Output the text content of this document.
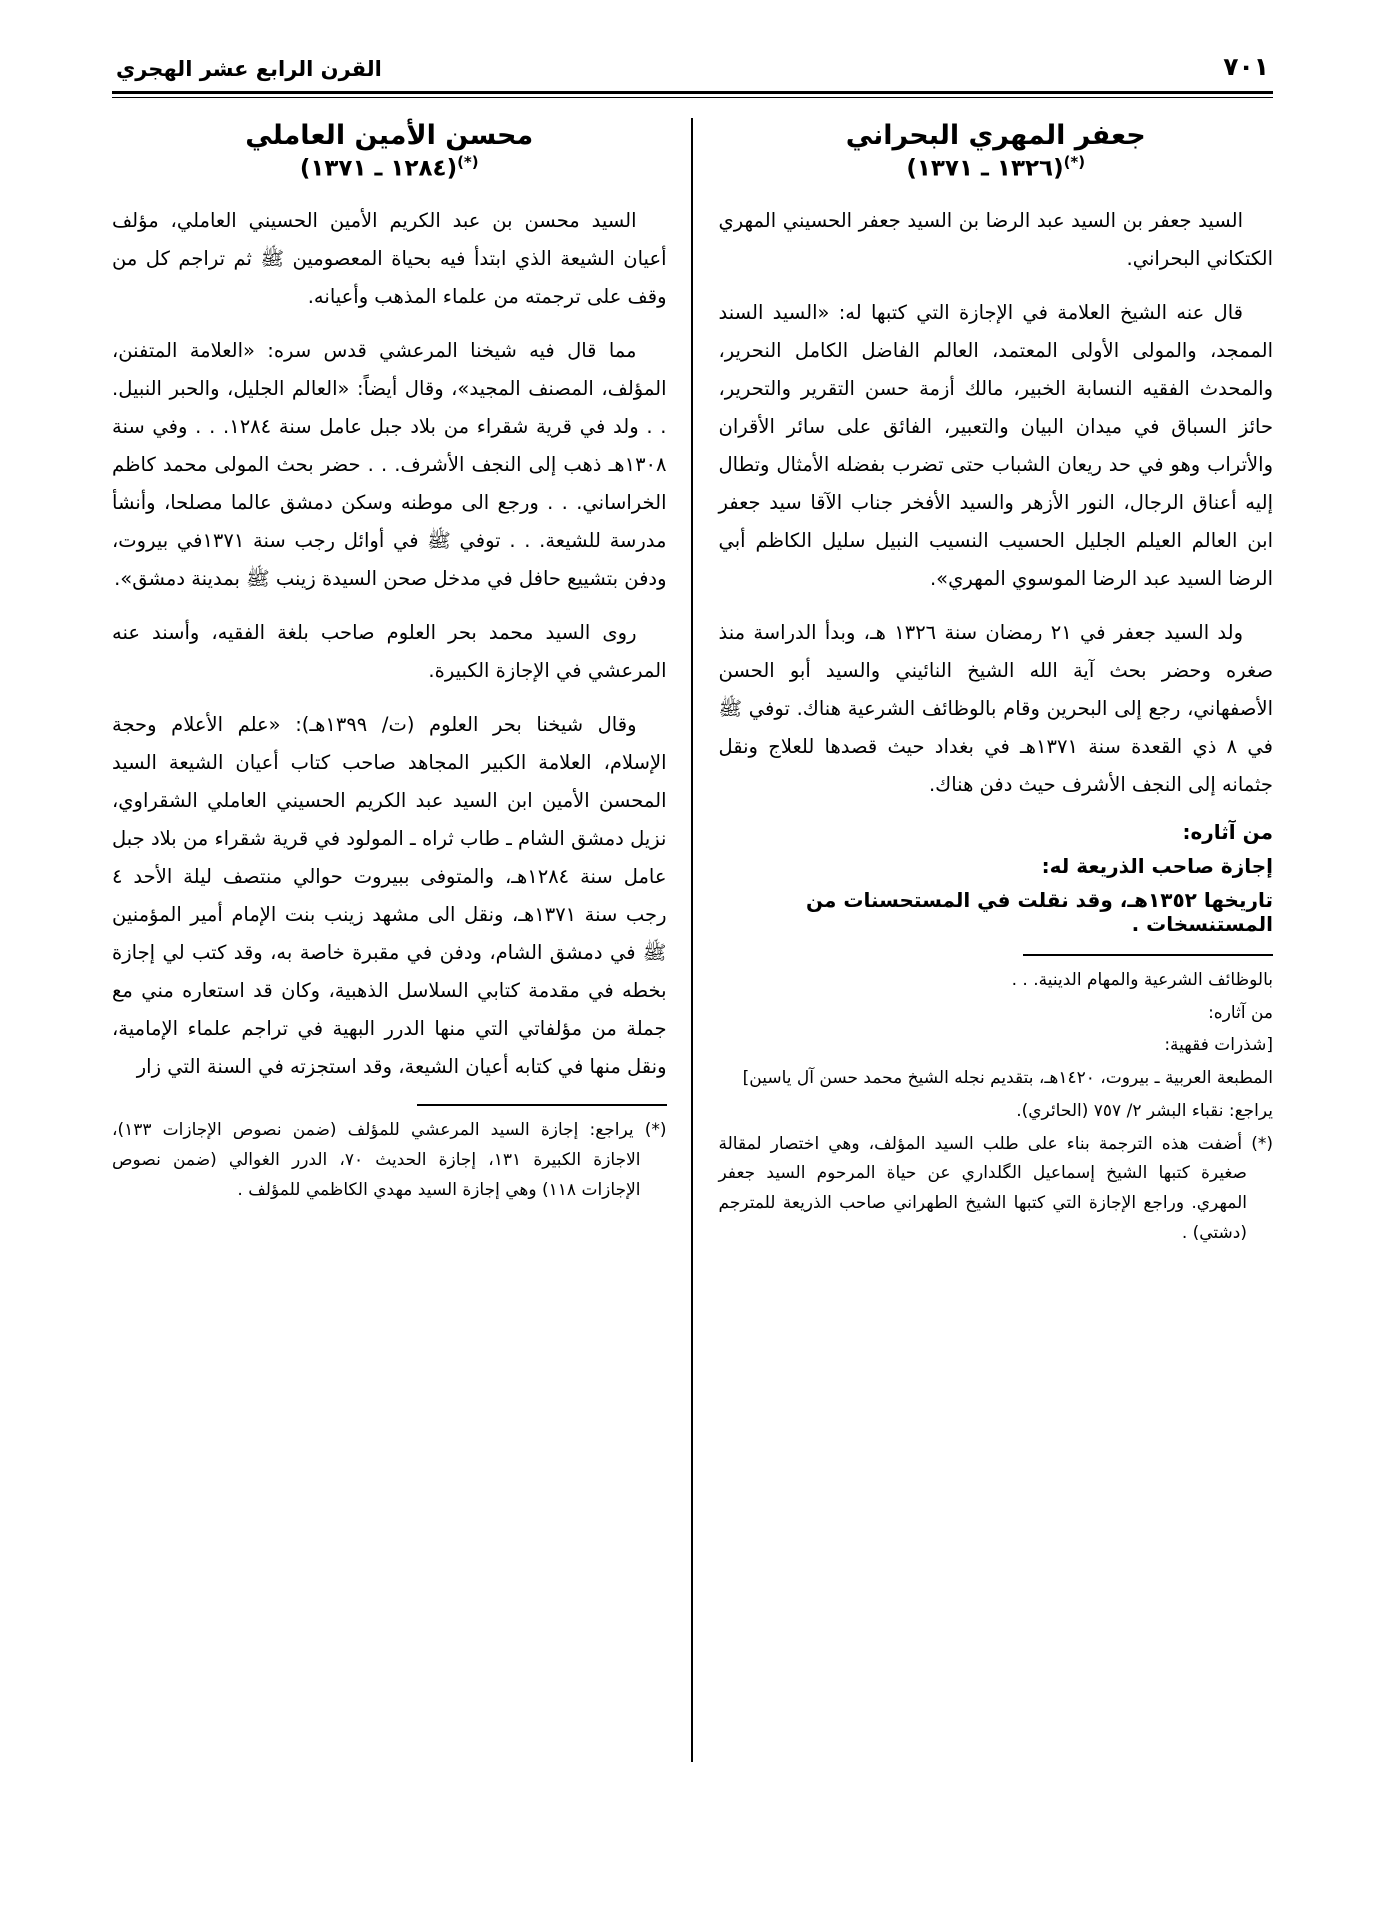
القرن الرابع عشر الهجري	٧٠١
جعفر المهري البحراني
(*)(١٣٢٦ ـ ١٣٧١)

السيد جعفر بن السيد عبد الرضا بن السيد جعفر الحسيني المهري الكتكاني البحراني.

قال عنه الشيخ العلامة في الإجازة التي كتبها له: «السيد السند الممجد، والمولى الأولى المعتمد، العالم الفاضل الكامل النحرير، والمحدث الفقيه النسابة الخبير، مالك أزمة حسن التقرير والتحرير، حائز السباق في ميدان البيان والتعبير، الفائق على سائر الأقران والأتراب وهو في حد ريعان الشباب حتى تضرب بفضله الأمثال وتطال إليه أعناق الرجال، النور الأزهر والسيد الأفخر جناب الآقا سيد جعفر ابن العالم العيلم الجليل الحسيب النسيب النبيل سليل الكاظم أبي الرضا السيد عبد الرضا الموسوي المهري».

ولد السيد جعفر في ٢١ رمضان سنة ١٣٢٦ هـ، وبدأ الدراسة منذ صغره وحضر بحث آية الله الشيخ النائيني والسيد أبو الحسن الأصفهاني، رجع إلى البحرين وقام بالوظائف الشرعية هناك. توفي ﷺ في ٨ ذي القعدة سنة ١٣٧١هـ في بغداد حيث قصدها للعلاج ونقل جثمانه إلى النجف الأشرف حيث دفن هناك.

من آثاره:
إجازة صاحب الذريعة له:
تاريخها ١٣٥٢هـ، وقد نقلت في المستحسنات من المستنسخات .

بالوظائف الشرعية والمهام الدينية. . .

من آثاره:

[شذرات فقهية:

المطبعة العربية ـ بيروت، ١٤٢٠هـ، بتقديم نجله الشيخ محمد حسن آل ياسين]

يراجع: نقباء البشر ٢/ ٧٥٧ (الحائري).

(*) أضفت هذه الترجمة بناء على طلب السيد المؤلف، وهي اختصار لمقالة صغيرة كتبها الشيخ إسماعيل الگلداري عن حياة المرحوم السيد جعفر المهري. وراجع الإجازة التي كتبها الشيخ الطهراني صاحب الذريعة للمترجم (دشتي) .

محسن الأمين العاملي
(*)(١٢٨٤ ـ ١٣٧١)

السيد محسن بن عبد الكريم الأمين الحسيني العاملي، مؤلف أعيان الشيعة الذي ابتدأ فيه بحياة المعصومين ﷺ ثم تراجم كل من وقف على ترجمته من علماء المذهب وأعيانه.

مما قال فيه شيخنا المرعشي قدس سره: «العلامة المتفنن، المؤلف، المصنف المجيد»، وقال أيضاً: «العالم الجليل، والحبر النبيل. . . ولد في قرية شقراء من بلاد جبل عامل سنة ١٢٨٤. . . وفي سنة ١٣٠٨هـ ذهب إلى النجف الأشرف. . . حضر بحث المولى محمد كاظم الخراساني. . . ورجع الى موطنه وسكن دمشق عالما مصلحا، وأنشأ مدرسة للشيعة. . . توفي ﷺ في أوائل رجب سنة ١٣٧١في بيروت، ودفن بتشييع حافل في مدخل صحن السيدة زينب ﷺ بمدينة دمشق».

روى السيد محمد بحر العلوم صاحب بلغة الفقيه، وأسند عنه المرعشي في الإجازة الكبيرة.

وقال شيخنا بحر العلوم (ت/ ١٣٩٩هـ): «علم الأعلام وحجة الإسلام، العلامة الكبير المجاهد صاحب كتاب أعيان الشيعة السيد المحسن الأمين ابن السيد عبد الكريم الحسيني العاملي الشقراوي، نزيل دمشق الشام ـ طاب ثراه ـ المولود في قرية شقراء من بلاد جبل عامل سنة ١٢٨٤هـ، والمتوفى ببيروت حوالي منتصف ليلة الأحد ٤ رجب سنة ١٣٧١هـ، ونقل الى مشهد زينب بنت الإمام أمير المؤمنين ﷺ في دمشق الشام، ودفن في مقبرة خاصة به، وقد كتب لي إجازة بخطه في مقدمة كتابي السلاسل الذهبية، وكان قد استعاره مني مع جملة من مؤلفاتي التي منها الدرر البهية في تراجم علماء الإمامية، ونقل منها في كتابه أعيان الشيعة، وقد استجزته في السنة التي زار

(*) يراجع: إجازة السيد المرعشي للمؤلف (ضمن نصوص الإجازات ١٣٣)، الاجازة الكبيرة ١٣١، إجازة الحديث ٧٠، الدرر الغوالي (ضمن نصوص الإجازات ١١٨) وهي إجازة السيد مهدي الكاظمي للمؤلف .
